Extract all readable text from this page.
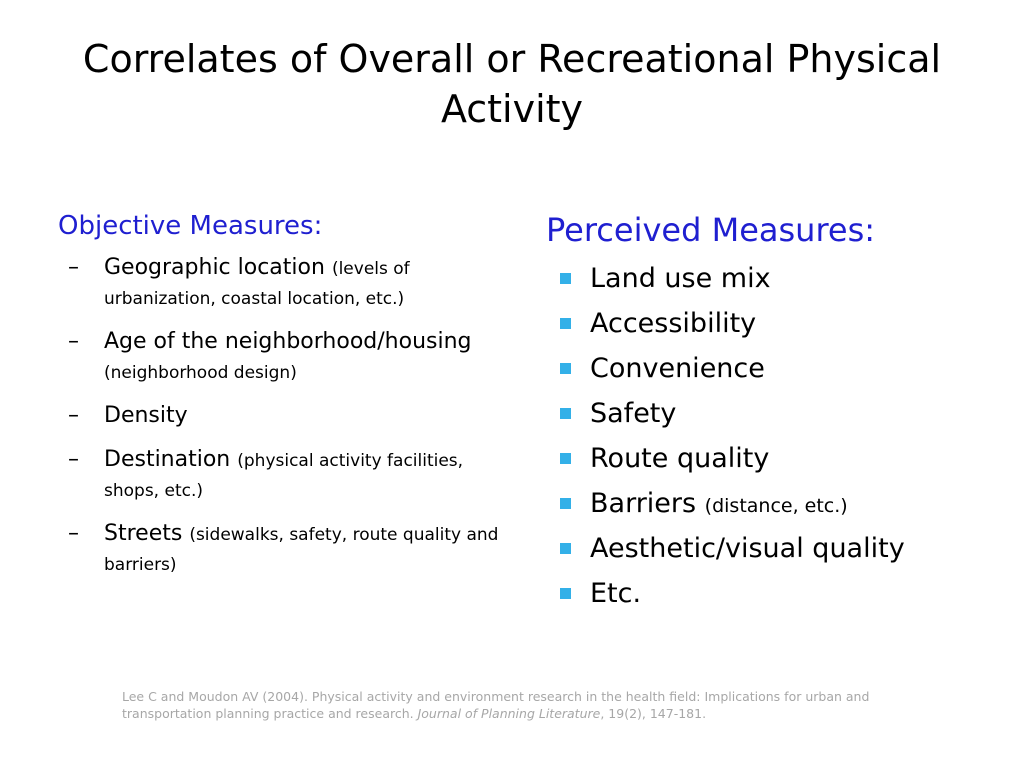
Correlates of Overall or Recreational Physical
Activity
Objective Measures:
–	Geographic location (levels of urbanization, coastal location, etc.)
–	Age of the neighborhood/housing
(neighborhood design)
–	Density
–	Destination (physical activity facilities, shops, etc.)
–	Streets (sidewalks, safety, route quality and barriers)
Perceived Measures:
Land use mix
Accessibility
Convenience
Safety
Route quality
Barriers (distance, etc.)
Aesthetic/visual quality
Etc.
Lee C and Moudon AV (2004). Physical activity and environment research in the health field: Implications for urban and transportation planning practice and research. Journal of Planning Literature, 19(2), 147-181.
